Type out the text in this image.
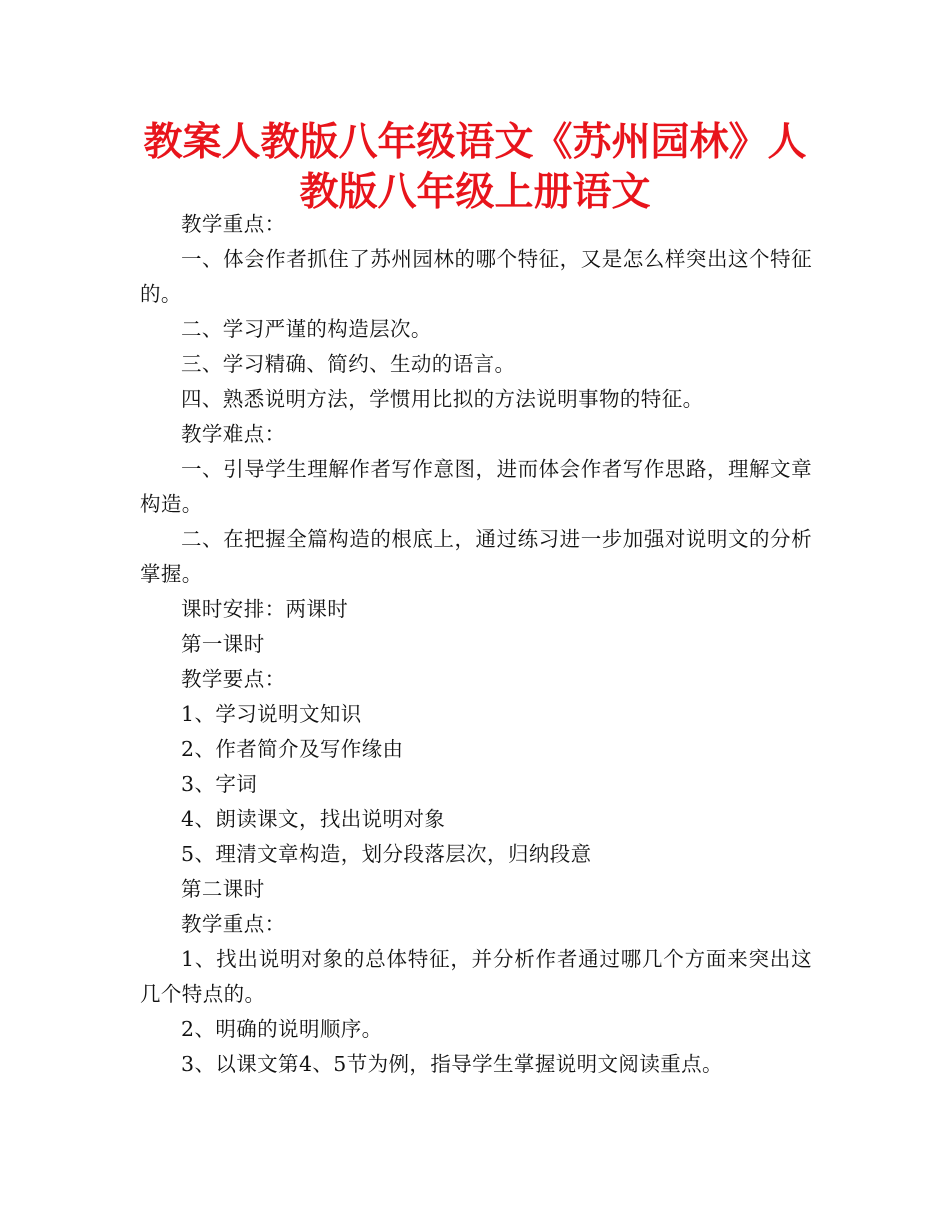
教案人教版八年级语文《苏州园林》人教版八年级上册语文

教学重点：

一、体会作者抓住了苏州园林的哪个特征，又是怎么样突出这个特征的。

二、学习严谨的构造层次。

三、学习精确、简约、生动的语言。

四、熟悉说明方法，学惯用比拟的方法说明事物的特征。

教学难点：

一、引导学生理解作者写作意图，进而体会作者写作思路，理解文章构造。

二、在把握全篇构造的根底上，通过练习进一步加强对说明文的分析掌握。

课时安排：两课时

第一课时

教学要点：

1、学习说明文知识

2、作者简介及写作缘由

3、字词

4、朗读课文，找出说明对象

5、理清文章构造，划分段落层次，归纳段意

第二课时

教学重点：

1、找出说明对象的总体特征，并分析作者通过哪几个方面来突出这几个特点的。

2、明确的说明顺序。

3、以课文第4、5节为例，指导学生掌握说明文阅读重点。
